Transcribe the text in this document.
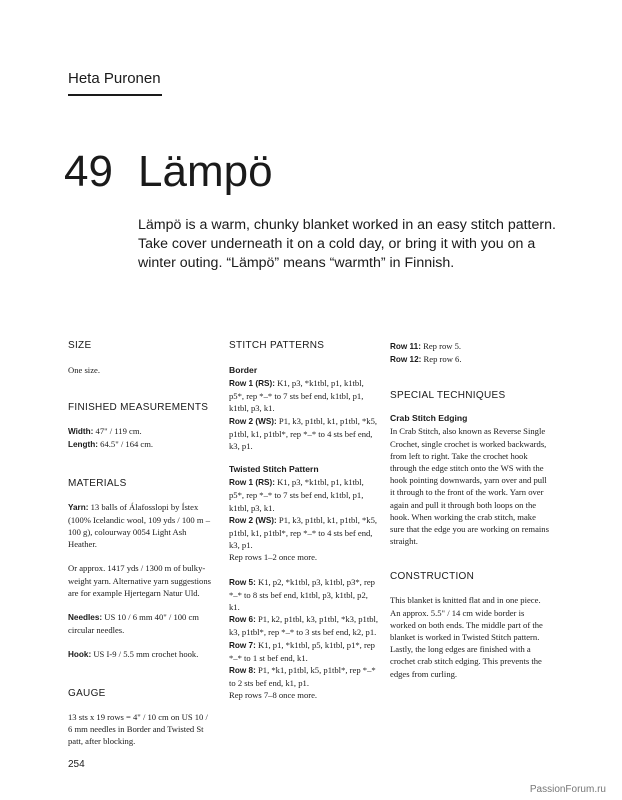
Heta Puronen
49 Lämpö

Lämpö is a warm, chunky blanket worked in an easy stitch pattern. Take cover underneath it on a cold day, or bring it with you on a winter outing. “Lämpö” means “warmth” in Finnish.

SIZE

One size.

FINISHED MEASUREMENTS

Width: 47" / 119 cm.

Length: 64.5" / 164 cm.

MATERIALS

Yarn: 13 balls of Álafosslopi by Ístex (100% Icelandic wool, 109 yds / 100 m – 100 g), colourway 0054 Light Ash Heather.

Or approx. 1417 yds / 1300 m of bulky-weight yarn. Alternative yarn suggestions are for example Hjertegarn Natur Uld.

Needles: US 10 / 6 mm 40" / 100 cm circular needles.

Hook: US I-9 / 5.5 mm crochet hook.

GAUGE

13 sts x 19 rows = 4" / 10 cm on US 10 / 6 mm needles in Border and Twisted St patt, after blocking.

STITCH PATTERNS

Border

Row 1 (RS): K1, p3, *k1tbl, p1, k1tbl, p5*, rep *–* to 7 sts bef end, k1tbl, p1, k1tbl, p3, k1.

Row 2 (WS): P1, k3, p1tbl, k1, p1tbl, *k5, p1tbl, k1, p1tbl*, rep *–* to 4 sts bef end, k3, p1.

Twisted Stitch Pattern

Row 1 (RS): K1, p3, *k1tbl, p1, k1tbl, p5*, rep *–* to 7 sts bef end, k1tbl, p1, k1tbl, p3, k1.

Row 2 (WS): P1, k3, p1tbl, k1, p1tbl, *k5, p1tbl, k1, p1tbl*, rep *–* to 4 sts bef end, k3, p1.

Rep rows 1–2 once more.

Row 5: K1, p2, *k1tbl, p3, k1tbl, p3*, rep *–* to 8 sts bef end, k1tbl, p3, k1tbl, p2, k1.

Row 6: P1, k2, p1tbl, k3, p1tbl, *k3, p1tbl, k3, p1tbl*, rep *–* to 3 sts bef end, k2, p1.

Row 7: K1, p1, *k1tbl, p5, k1tbl, p1*, rep *–* to 1 st bef end, k1.

Row 8: P1, *k1, p1tbl, k5, p1tbl*, rep *–* to 2 sts bef end, k1, p1.

Rep rows 7–8 once more.

Row 11: Rep row 5.

Row 12: Rep row 6.

SPECIAL TECHNIQUES

Crab Stitch Edging

In Crab Stitch, also known as Reverse Single Crochet, single crochet is worked backwards, from left to right. Take the crochet hook through the edge stitch onto the WS with the hook pointing downwards, yarn over and pull it through to the front of the work. Yarn over again and pull it through both loops on the hook. When working the crab stitch, make sure that the edge you are working on remains straight.

CONSTRUCTION

This blanket is knitted flat and in one piece. An approx. 5.5" / 14 cm wide border is worked on both ends. The middle part of the blanket is worked in Twisted Stitch pattern. Lastly, the long edges are finished with a crochet crab stitch edging. This prevents the edges from curling.

254
PassionForum.ru
